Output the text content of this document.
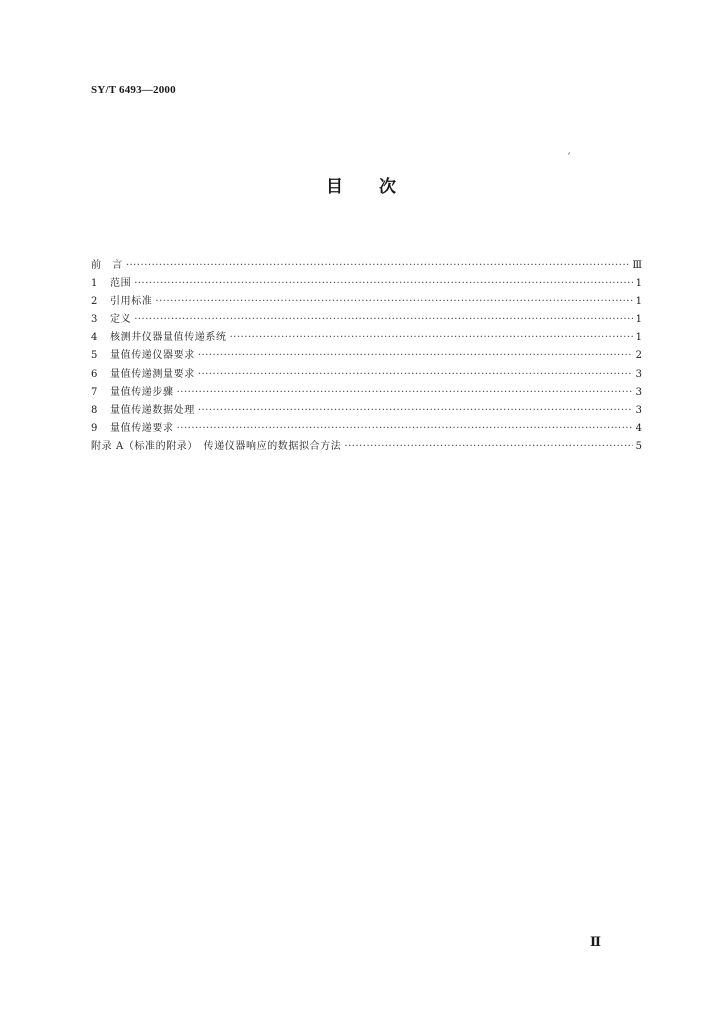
SY/T 6493—2000
ˊ
目 次
前　言 ·····	Ⅲ
1	范围 ·····	1
2	引用标准 ·····	1
3	定义 ·····	1
4	核测井仪器量值传递系统 ·····	1
5	量值传递仪器要求 ·····	2
6	量值传递测量要求 ·····	3
7	量值传递步骤 ·····	3
8	量值传递数据处理 ·····	3
9	量值传递要求 ·····	4
附录 A（标准的附录）　传递仪器响应的数据拟合方法 ·····	5
Ⅱ
